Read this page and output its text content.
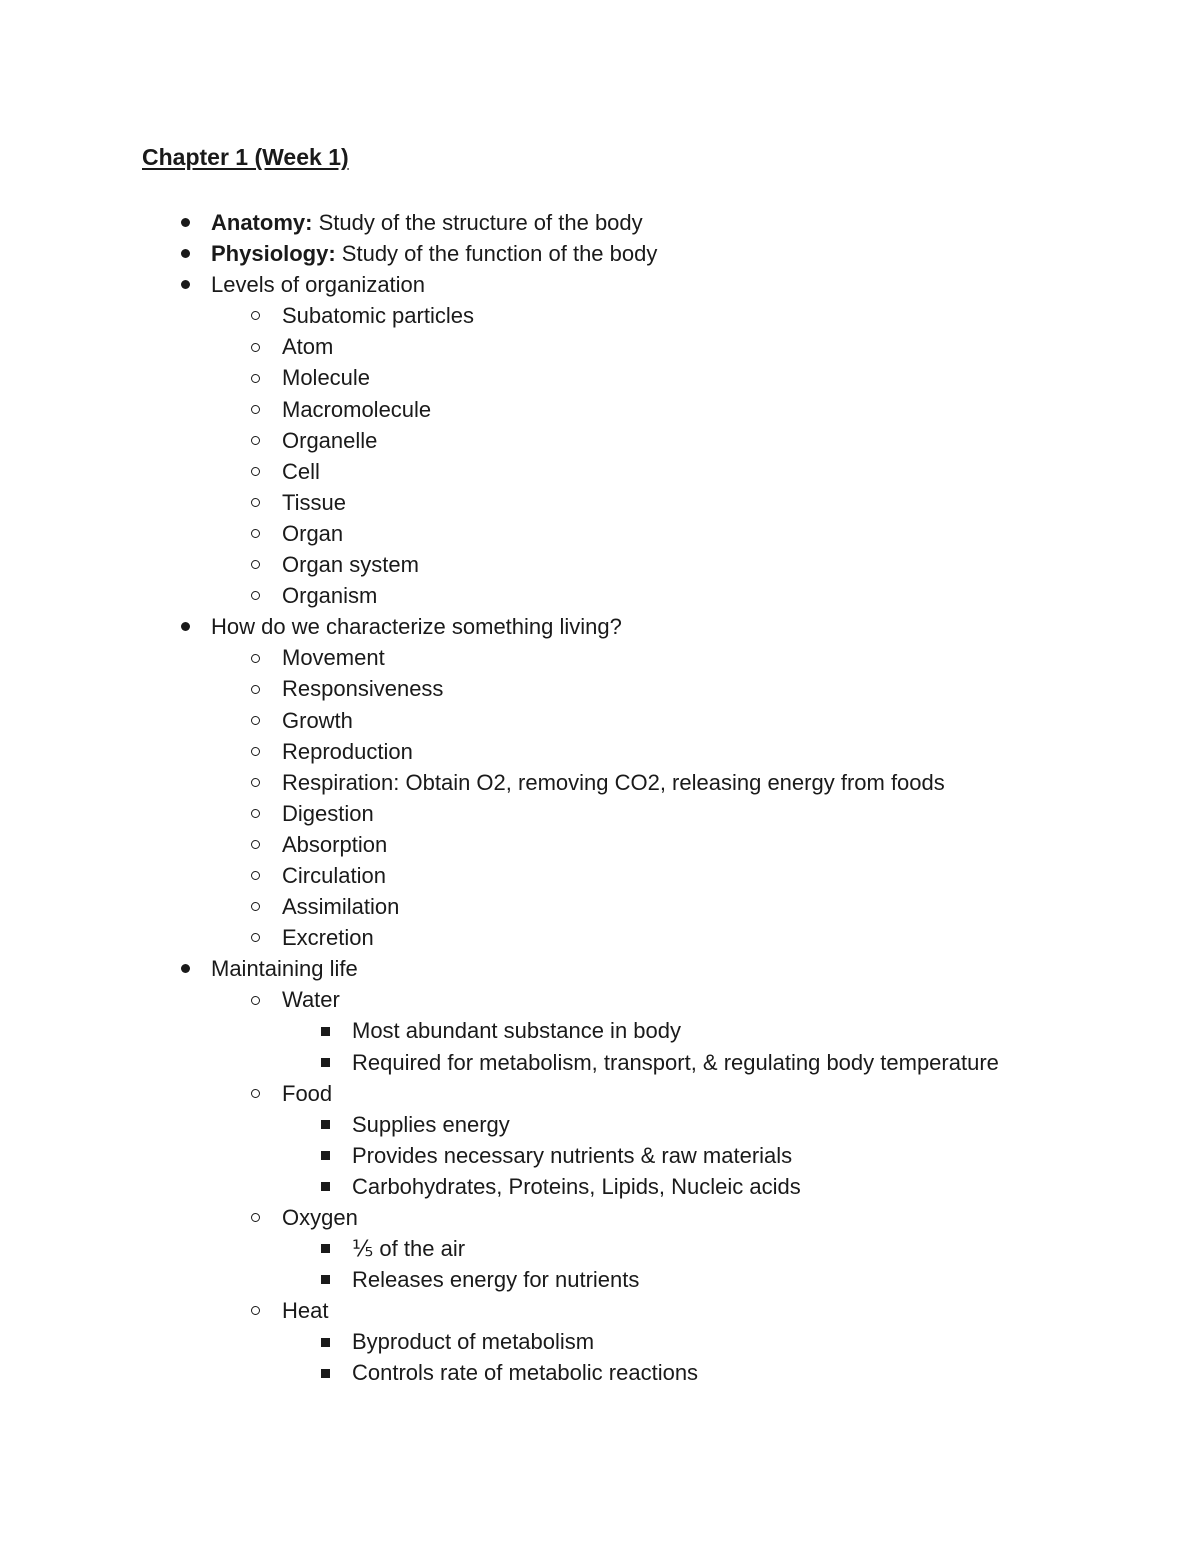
Chapter 1 (Week 1)
Anatomy: Study of the structure of the body
Physiology: Study of the function of the body
Levels of organization
Subatomic particles
Atom
Molecule
Macromolecule
Organelle
Cell
Tissue
Organ
Organ system
Organism
How do we characterize something living?
Movement
Responsiveness
Growth
Reproduction
Respiration: Obtain O2, removing CO2, releasing energy from foods
Digestion
Absorption
Circulation
Assimilation
Excretion
Maintaining life
Water
Most abundant substance in body
Required for metabolism, transport, & regulating body temperature
Food
Supplies energy
Provides necessary nutrients & raw materials
Carbohydrates, Proteins, Lipids, Nucleic acids
Oxygen
⅕ of the air
Releases energy for nutrients
Heat
Byproduct of metabolism
Controls rate of metabolic reactions
